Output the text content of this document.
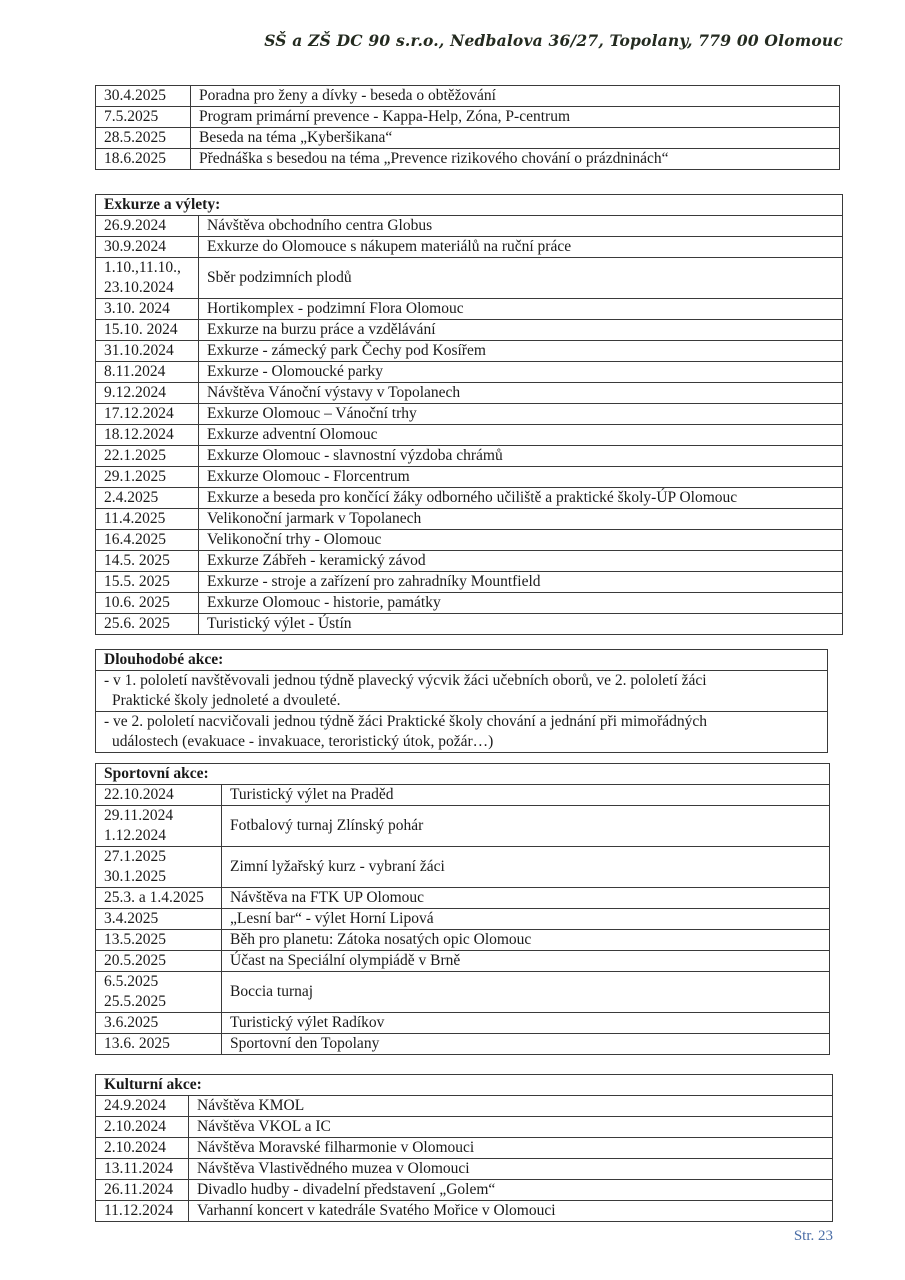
SŠ a ZŠ DC 90 s.r.o., Nedbalova 36/27, Topolany, 779 00 Olomouc
30.4.2025	Poradna pro ženy a dívky - beseda o obtěžování

7.5.2025	Program primární prevence - Kappa-Help, Zóna, P-centrum

28.5.2025	Beseda na téma „Kyberšikana“

18.6.2025	Přednáška s besedou na téma „Prevence rizikového chování o prázdninách“
Exkurze a výlety:	

26.9.2024	Návštěva obchodního centra Globus

30.9.2024	Exkurze do Olomouce s nákupem materiálů na ruční práce

1.10.,11.10.,
23.10.2024	Sběr podzimních plodů

3.10. 2024	Hortikomplex - podzimní Flora Olomouc

15.10. 2024	Exkurze na burzu práce a vzdělávání

31.10.2024	Exkurze - zámecký park Čechy pod Kosířem

8.11.2024	Exkurze - Olomoucké parky

9.12.2024	Návštěva Vánoční výstavy v Topolanech

17.12.2024	Exkurze Olomouc – Vánoční trhy

18.12.2024	Exkurze adventní Olomouc

22.1.2025	Exkurze Olomouc - slavnostní výzdoba chrámů

29.1.2025	Exkurze Olomouc - Florcentrum

2.4.2025	Exkurze a beseda pro končící žáky odborného učiliště a praktické školy-ÚP Olomouc

11.4.2025	Velikonoční jarmark v Topolanech

16.4.2025	Velikonoční trhy - Olomouc

14.5. 2025	Exkurze Zábřeh - keramický závod

15.5. 2025	Exkurze - stroje a zařízení pro zahradníky Mountfield

10.6. 2025	Exkurze Olomouc - historie, památky

25.6. 2025	Turistický výlet - Ústín
Dlouhodobé akce:

- v 1. pololetí navštěvovali jednou týdně plavecký výcvik žáci učebních oborů, ve 2. pololetí žáci
Praktické školy jednoleté a dvouleté.

- ve 2. pololetí nacvičovali jednou týdně žáci Praktické školy chování a jednání při mimořádných
událostech (evakuace - invakuace, teroristický útok, požár…)
Sportovní akce:	

22.10.2024	Turistický výlet na Praděd

29.11.2024
1.12.2024	Fotbalový turnaj Zlínský pohár

27.1.2025
30.1.2025	Zimní lyžařský kurz - vybraní žáci

25.3. a 1.4.2025	Návštěva na FTK UP Olomouc

3.4.2025	„Lesní bar“ - výlet Horní Lipová

13.5.2025	Běh pro planetu: Zátoka nosatých opic Olomouc

20.5.2025	Účast na Speciální olympiádě v Brně

6.5.2025
25.5.2025	Boccia turnaj

3.6.2025	Turistický výlet Radíkov

13.6. 2025	Sportovní den Topolany
Kulturní akce:	

24.9.2024	Návštěva KMOL

2.10.2024	Návštěva VKOL a IC

2.10.2024	Návštěva Moravské filharmonie v Olomouci

13.11.2024	Návštěva Vlastivědného muzea v Olomouci

26.11.2024	Divadlo hudby - divadelní představení „Golem“

11.12.2024	Varhanní koncert v katedrále Svatého Mořice v Olomouci
Str. 23
